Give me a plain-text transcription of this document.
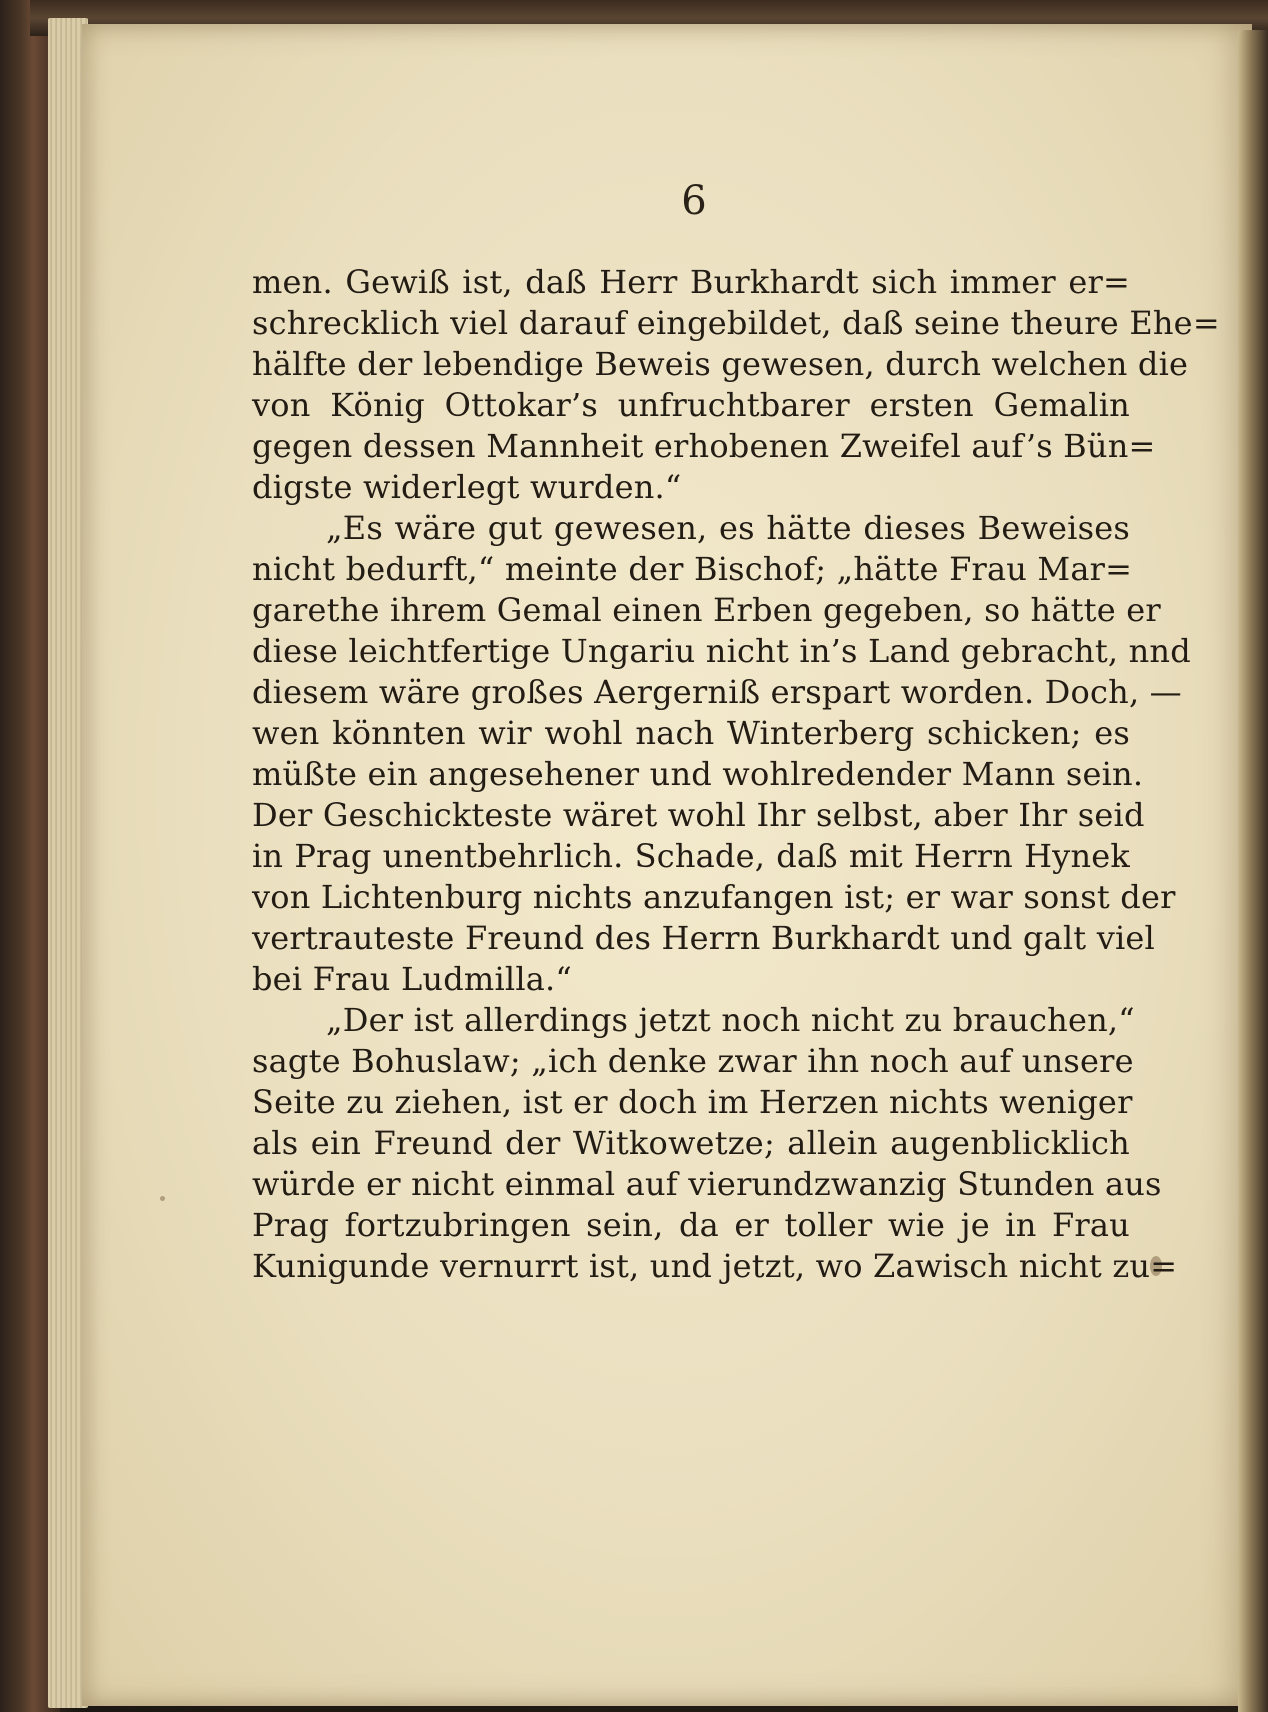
6
men. Gewiß ist, daß Herr Burkhardt sich immer er=
schrecklich viel darauf eingebildet, daß seine theure Ehe=
hälfte der lebendige Beweis gewesen, durch welchen die
von König Ottokar’s unfruchtbarer ersten Gemalin
gegen dessen Mannheit erhobenen Zweifel auf’s Bün=
digste widerlegt wurden.“
„Es wäre gut gewesen, es hätte dieses Beweises
nicht bedurft,“ meinte der Bischof; „hätte Frau Mar=
garethe ihrem Gemal einen Erben gegeben, so hätte er
diese leichtfertige Ungariu nicht in’s Land gebracht, nnd
diesem wäre großes Aergerniß erspart worden. Doch, —
wen könnten wir wohl nach Winterberg schicken; es
müßte ein angesehener und wohlredender Mann sein.
Der Geschickteste wäret wohl Ihr selbst, aber Ihr seid
in Prag unentbehrlich. Schade, daß mit Herrn Hynek
von Lichtenburg nichts anzufangen ist; er war sonst der
vertrauteste Freund des Herrn Burkhardt und galt viel
bei Frau Ludmilla.“
„Der ist allerdings jetzt noch nicht zu brauchen,“
sagte Bohuslaw; „ich denke zwar ihn noch auf unsere
Seite zu ziehen, ist er doch im Herzen nichts weniger
als ein Freund der Witkowetze; allein augenblicklich
würde er nicht einmal auf vierundzwanzig Stunden aus
Prag fortzubringen sein, da er toller wie je in Frau
Kunigunde vernurrt ist, und jetzt, wo Zawisch nicht zu=
